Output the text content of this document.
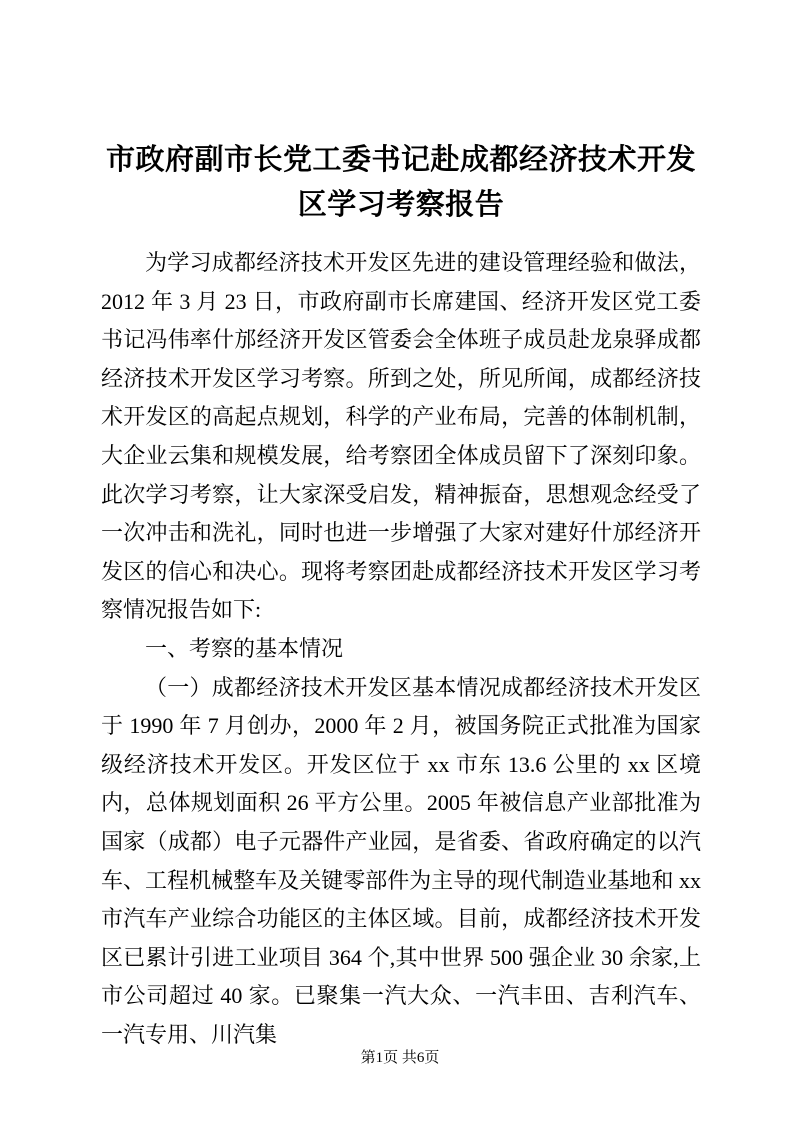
市政府副市长党工委书记赴成都经济技术开发区学习考察报告

为学习成都经济技术开发区先进的建设管理经验和做法，2012 年 3 月 23 日，市政府副市长席建国、经济开发区党工委书记冯伟率什邡经济开发区管委会全体班子成员赴龙泉驿成都经济技术开发区学习考察。所到之处，所见所闻，成都经济技术开发区的高起点规划，科学的产业布局，完善的体制机制，大企业云集和规模发展，给考察团全体成员留下了深刻印象。此次学习考察，让大家深受启发，精神振奋，思想观念经受了一次冲击和洗礼，同时也进一步增强了大家对建好什邡经济开发区的信心和决心。现将考察团赴成都经济技术开发区学习考察情况报告如下:

一、考察的基本情况

（一）成都经济技术开发区基本情况成都经济技术开发区于 1990 年 7 月创办，2000 年 2 月，被国务院正式批准为国家级经济技术开发区。开发区位于 xx 市东 13.6 公里的 xx 区境内，总体规划面积 26 平方公里。2005 年被信息产业部批准为国家（成都）电子元器件产业园，是省委、省政府确定的以汽车、工程机械整车及关键零部件为主导的现代制造业基地和 xx 市汽车产业综合功能区的主体区域。目前，成都经济技术开发区已累计引进工业项目 364 个,其中世界 500 强企业 30 余家,上市公司超过 40 家。已聚集一汽大众、一汽丰田、吉利汽车、一汽专用、川汽集

第1页 共6页
